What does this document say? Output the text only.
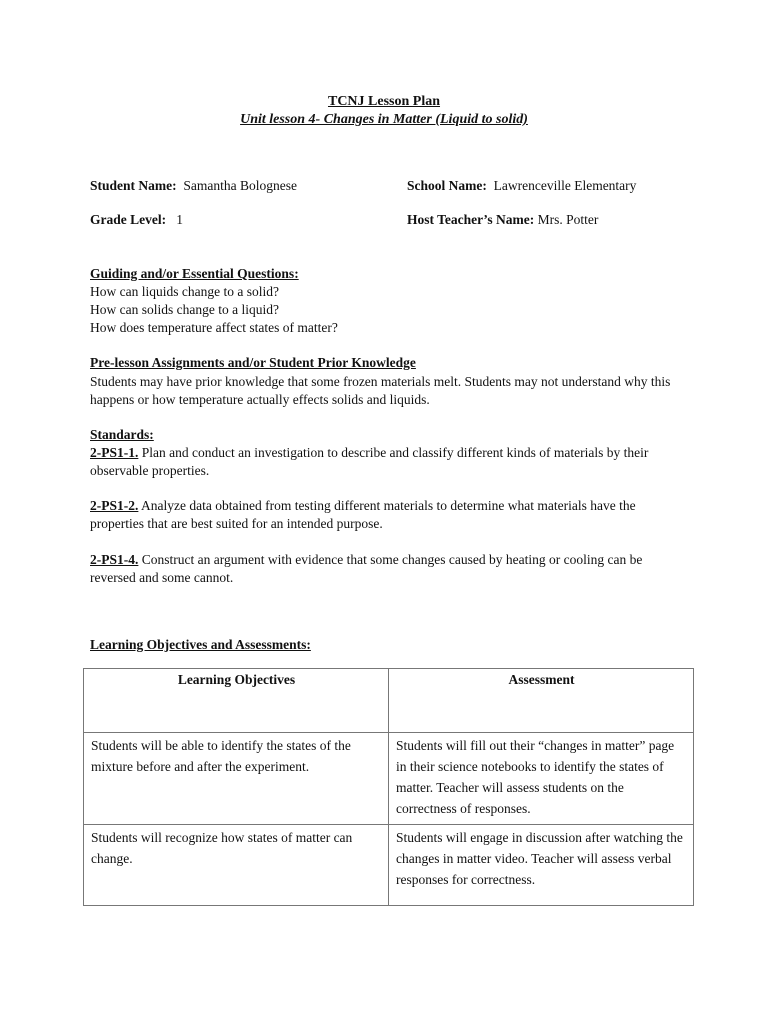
TCNJ Lesson Plan
Unit lesson 4- Changes in Matter (Liquid to solid)
Student Name: Samantha Bolognese	School Name: Lawrenceville Elementary
Grade Level: 1	Host Teacher’s Name: Mrs. Potter
Guiding and/or Essential Questions:
How can liquids change to a solid?
How can solids change to a liquid?
How does temperature affect states of matter?
Pre-lesson Assignments and/or Student Prior Knowledge
Students may have prior knowledge that some frozen materials melt. Students may not understand why this happens or how temperature actually effects solids and liquids.
Standards:
2-PS1-1. Plan and conduct an investigation to describe and classify different kinds of materials by their observable properties.
2-PS1-2. Analyze data obtained from testing different materials to determine what materials have the properties that are best suited for an intended purpose.
2-PS1-4. Construct an argument with evidence that some changes caused by heating or cooling can be reversed and some cannot.
Learning Objectives and Assessments:
Learning Objectives	Assessment
Students will be able to identify the states of the mixture before and after the experiment.	Students will fill out their “changes in matter” page in their science notebooks to identify the states of matter. Teacher will assess students on the correctness of responses.
Students will recognize how states of matter can change.	Students will engage in discussion after watching the changes in matter video. Teacher will assess verbal responses for correctness.
